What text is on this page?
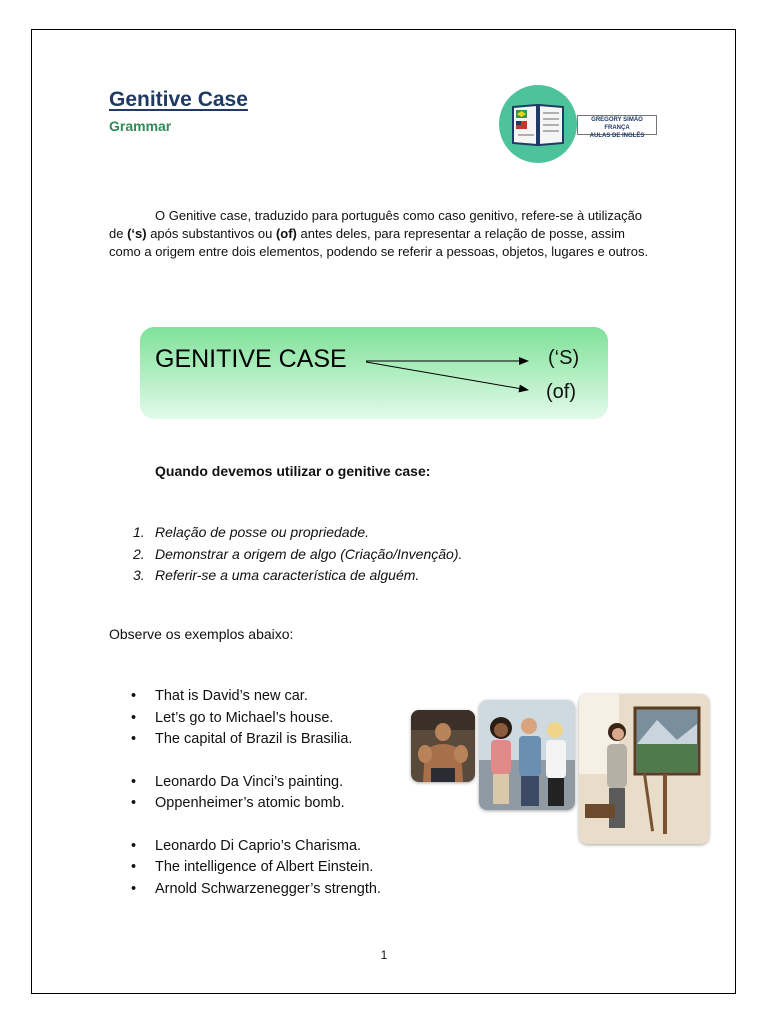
Genitive Case
Grammar	GREGORY SIMÃO FRANÇA
AULAS DE INGLÊS
O Genitive case, traduzido para português como caso genitivo, refere-se à utilização de (‘s) após substantivos ou (of) antes deles, para representar a relação de posse, assim como a origem entre dois elementos, podendo se referir a pessoas, objetos, lugares e outros.
GENITIVE CASE	(‘S)
(of)
Quando devemos utilizar o genitive case:
1. Relação de posse ou propriedade.
2. Demonstrar a origem de algo (Criação/Invenção).
3. Referir-se a uma característica de alguém.
Observe os exemplos abaixo:
• That is David’s new car.
• Let’s go to Michael’s house.
• The capital of Brazil is Brasilia.
• Leonardo Da Vinci’s painting.
• Oppenheimer’s atomic bomb.
• Leonardo Di Caprio’s Charisma.
• The intelligence of Albert Einstein.
• Arnold Schwarzenegger’s strength.
1
